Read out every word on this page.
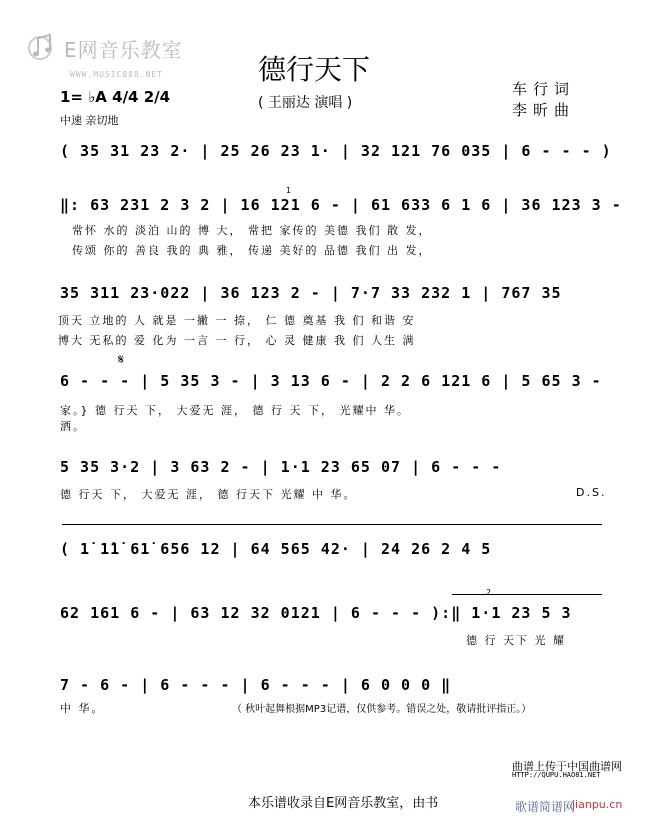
E网音乐教室
WWW.MUSIC888.NET	德行天下
( 王丽达 演唱 )
车行词
李昕曲
1= ♭A 4/4 2/4
中速 亲切地
( 35 31 23 2· | 25 26 23 1· | 32 121 76 035 | 6 - - - )
1
‖: 63 231 2 3 2 | 16 121 6 - | 61 633 6 1 6 | 36 123 3 -
常怀 水的 淡泊 山的 博 大， 常把 家传的 美德 我们 散 发，
传颂 你的 善良 我的 典 雅， 传递 美好的 品德 我们 出 发，
35 311 23·022 | 36 123 2 - | 7·7 33 232 1 | 767 35
顶天 立地的 人 就是 一撇 一 捺， 仁 德 奠基 我 们 和谐 安
博大 无私的 爱 化为 一言 一 行， 心 灵 健康 我 们 人生 满
𝄋
6 - - - | 5 35 3 - | 3 13 6 - | 2 2 6 121 6 | 5 65 3 -
家。} 德 行天 下， 大爱无 涯， 德 行 天 下， 光耀中 华。
洒。
5 35 3·2 | 3 63 2 - | 1·1 23 65 07 | 6 - - -
德 行天 下， 大爱无 涯， 德 行天下 光耀 中 华。	D.S.
( 1̇ 1̇1̇ 61̇ 656 12 | 64 565 42· | 24 26 2 4 5
2
62 161 6 - | 63 12 32 0121 | 6 - - - ):‖ 1·1 23 5 3
德 行 天下 光 耀
7 - 6 - | 6 - - - | 6 - - - | 6 0 0 0 ‖
中 华。	（ 秋叶起舞根据MP3记谱，仅供参考。错误之处，敬请批评指正。）
曲谱上传于中国曲谱网
HTTP://QUPU.HAO81.NET
本乐谱收录自E网音乐教室，由书	歌谱简谱网
jianpu.cn
